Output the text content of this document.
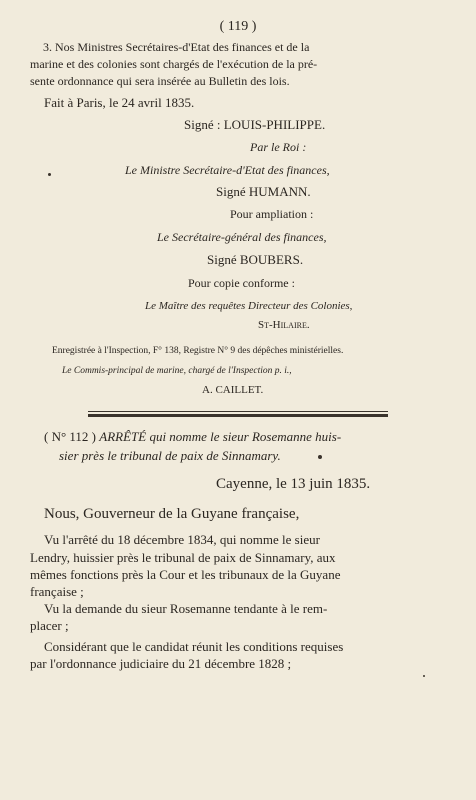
( 119 )
3. Nos Ministres Secrétaires-d'Etat des finances et de la
marine et des colonies sont chargés de l'exécution de la pré-
sente ordonnance qui sera insérée au Bulletin des lois.
Fait à Paris, le 24 avril 1835.
Signé : LOUIS-PHILIPPE.
Par le Roi :
Le Ministre Secrétaire-d'Etat des finances,
Signé HUMANN.
Pour ampliation :
Le Secrétaire-général des finances,
Signé BOUBERS.
Pour copie conforme :
Le Maître des requêtes Directeur des Colonies,
St-Hilaire.
Enregistrée à l'Inspection, F° 138, Registre N° 9 des dépêches ministérielles.
Le Commis-principal de marine, chargé de l'Inspection p. i.,
A. CAILLET.
( N° 112 ) ARRÊTÉ qui nomme le sieur Rosemanne huis-
sier près le tribunal de paix de Sinnamary.
Cayenne, le 13 juin 1835.
Nous, Gouverneur de la Guyane française,
Vu l'arrêté du 18 décembre 1834, qui nomme le sieur
Lendry, huissier près le tribunal de paix de Sinnamary, aux
mêmes fonctions près la Cour et les tribunaux de la Guyane
française ;
Vu la demande du sieur Rosemanne tendante à le rem-
placer ;
Considérant que le candidat réunit les conditions requises
par l'ordonnance judiciaire du 21 décembre 1828 ;
